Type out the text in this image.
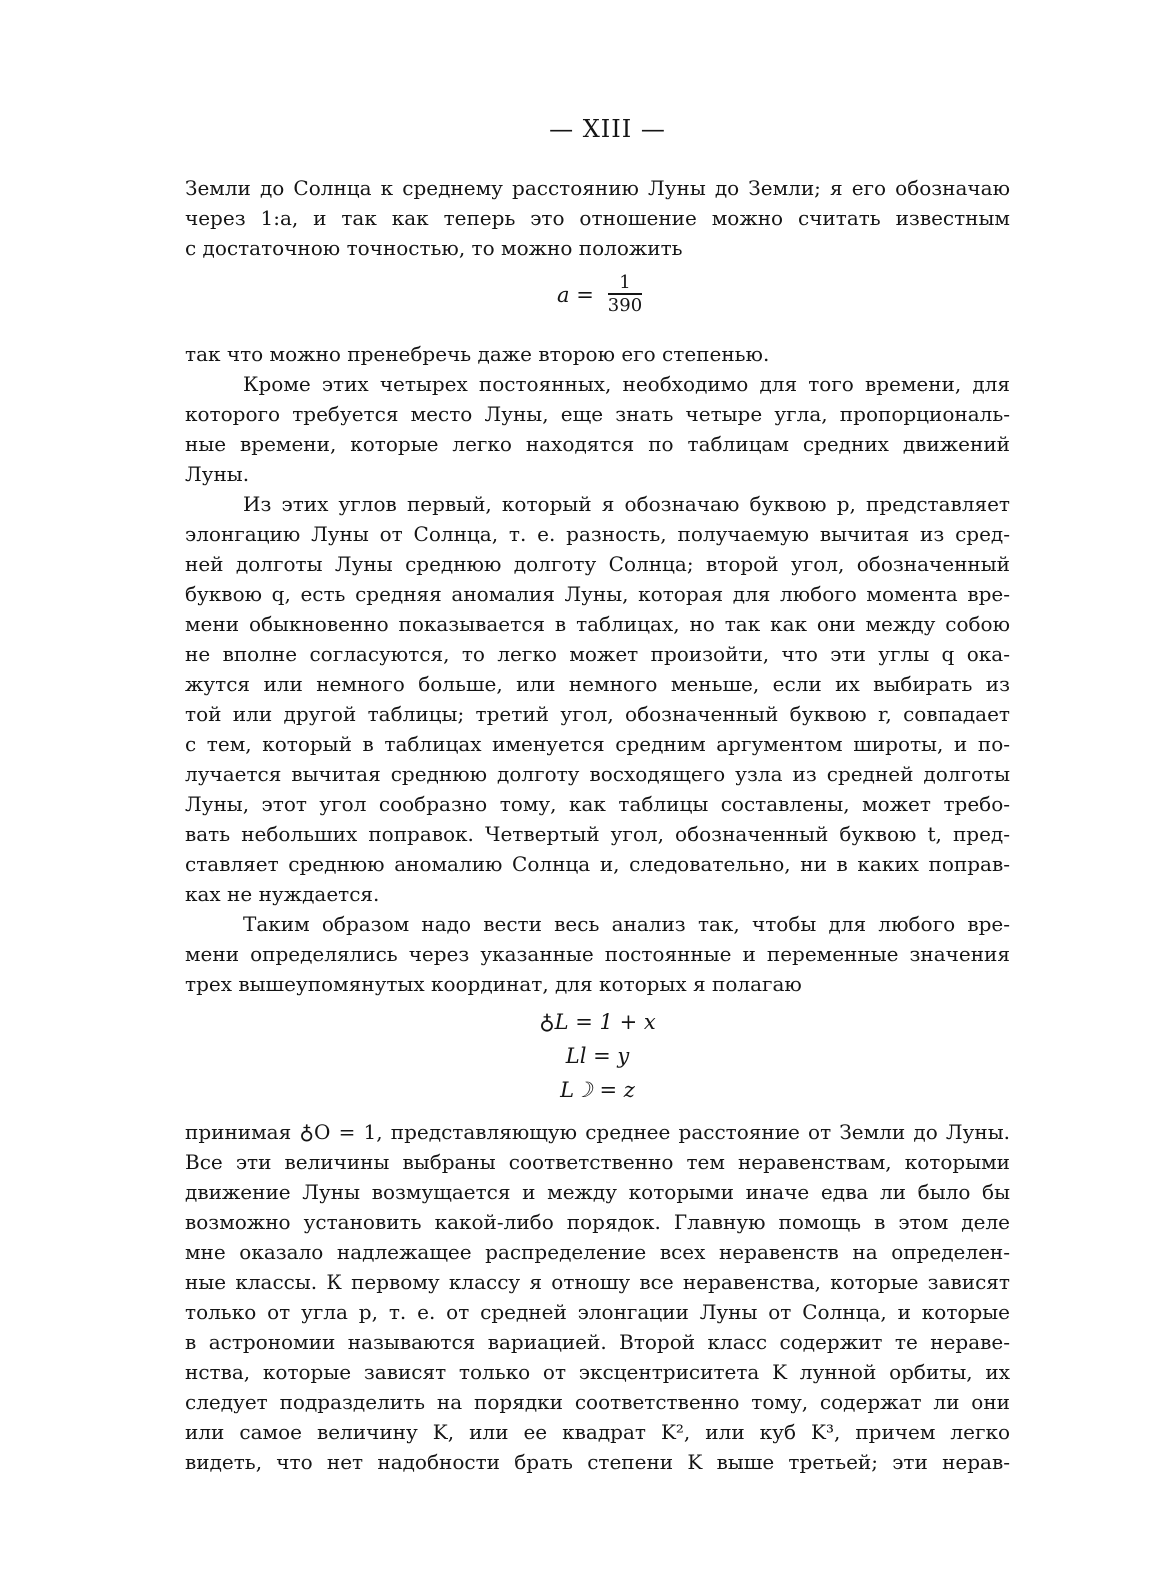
— XIII —
Земли до Солнца к среднему расстоянию Луны до Земли; я его обозначаю
через 1:a, и так как теперь это отношение можно считать известным
с достаточною точностью, то можно положить
$a = \frac{1}{390}$
так что можно пренебречь даже второю его степенью.
Кроме этих четырех постоянных, необходимо для того времени, для
которого требуется место Луны, еще знать четыре угла, пропорциональ-
ные времени, которые легко находятся по таблицам средних движений
Луны.
Из этих углов первый, который я обозначаю буквою p, представляет
элонгацию Луны от Солнца, т. е. разность, получаемую вычитая из сред-
ней долготы Луны среднюю долготу Солнца; второй угол, обозначенный
буквою q, есть средняя аномалия Луны, которая для любого момента вре-
мени обыкновенно показывается в таблицах, но так как они между собою
не вполне согласуются, то легко может произойти, что эти углы q ока-
жутся или немного больше, или немного меньше, если их выбирать из
той или другой таблицы; третий угол, обозначенный буквою r, совпадает
с тем, который в таблицах именуется средним аргументом широты, и по-
лучается вычитая среднюю долготу восходящего узла из средней долготы
Луны, этот угол сообразно тому, как таблицы составлены, может требо-
вать небольших поправок. Четвертый угол, обозначенный буквою t, пред-
ставляет среднюю аномалию Солнца и, следовательно, ни в каких поправ-
ках не нуждается.
Таким образом надо вести весь анализ так, чтобы для любого вре-
мени определялись через указанные постоянные и переменные значения
трех вышеупомянутых координат, для которых я полагаю
♁L = 1 + x
Ll = y
L☽ = z
принимая ♁O = 1, представляющую среднее расстояние от Земли до Луны.
Все эти величины выбраны соответственно тем неравенствам, которыми
движение Луны возмущается и между которыми иначе едва ли было бы
возможно установить какой-либо порядок. Главную помощь в этом деле
мне оказало надлежащее распределение всех неравенств на определен-
ные классы. К первому классу я отношу все неравенства, которые зависят
только от угла p, т. е. от средней элонгации Луны от Солнца, и которые
в астрономии называются вариацией. Второй класс содержит те нераве-
нства, которые зависят только от эксцентриситета K лунной орбиты, их
следует подразделить на порядки соответственно тому, содержат ли они
или самое величину K, или ее квадрат K², или куб K³, причем легко
видеть, что нет надобности брать степени K выше третьей; эти нерав-
